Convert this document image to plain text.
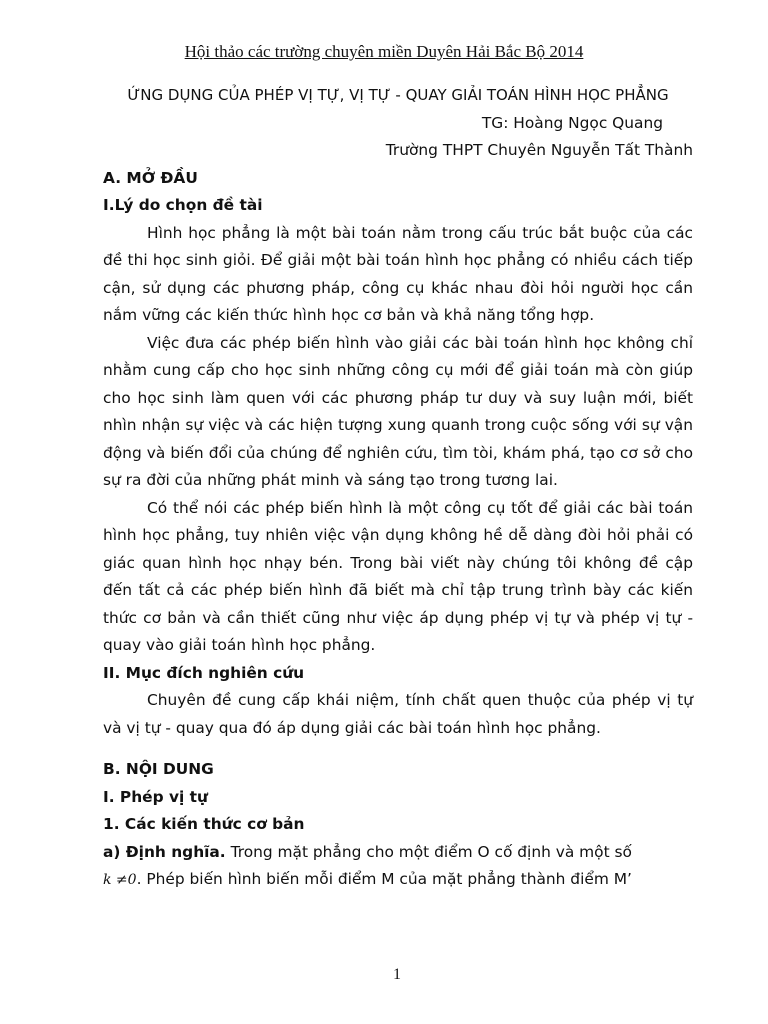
Hội thảo các trường chuyên miền Duyên Hải Bắc Bộ 2014
ỨNG DỤNG CỦA PHÉP VỊ TỰ, VỊ TỰ - QUAY GIẢI TOÁN HÌNH HỌC PHẲNG
TG: Hoàng Ngọc Quang
Trường THPT Chuyên Nguyễn Tất Thành
A. MỞ ĐẦU
I.Lý do chọn đề tài

Hình học phẳng là một bài toán nằm trong cấu trúc bắt buộc của các đề thi học sinh giỏi. Để giải một bài toán hình học phẳng có nhiều cách tiếp cận, sử dụng các phương pháp, công cụ khác nhau đòi hỏi người học cần nắm vững các kiến thức hình học cơ bản và khả năng tổng hợp.

Việc đưa các phép biến hình vào giải các bài toán hình học không chỉ nhằm cung cấp cho học sinh những công cụ mới để giải toán mà còn giúp cho học sinh làm quen với các phương pháp tư duy và suy luận mới, biết nhìn nhận sự việc và các hiện tượng xung quanh trong cuộc sống với sự vận động và biến đổi của chúng để nghiên cứu, tìm tòi, khám phá, tạo cơ sở cho sự ra đời của những phát minh và sáng tạo trong tương lai.

Có thể nói các phép biến hình là một công cụ tốt để giải các bài toán hình học phẳng, tuy nhiên việc vận dụng không hề dễ dàng đòi hỏi phải có giác quan hình học nhạy bén. Trong bài viết này chúng tôi không đề cập đến tất cả các phép biến hình đã biết mà chỉ tập trung trình bày các kiến thức cơ bản và cần thiết cũng như việc áp dụng phép vị tự và phép vị tự - quay vào giải toán hình học phẳng.

II. Mục đích nghiên cứu

Chuyên đề cung cấp khái niệm, tính chất quen thuộc của phép vị tự và vị tự - quay qua đó áp dụng giải các bài toán hình học phẳng.

B. NỘI DUNG
I. Phép vị tự
1. Các kiến thức cơ bản

a) Định nghĩa. Trong mặt phẳng cho một điểm O cố định và một số

k ≠0. Phép biến hình biến mỗi điểm M của mặt phẳng thành điểm M’

1
